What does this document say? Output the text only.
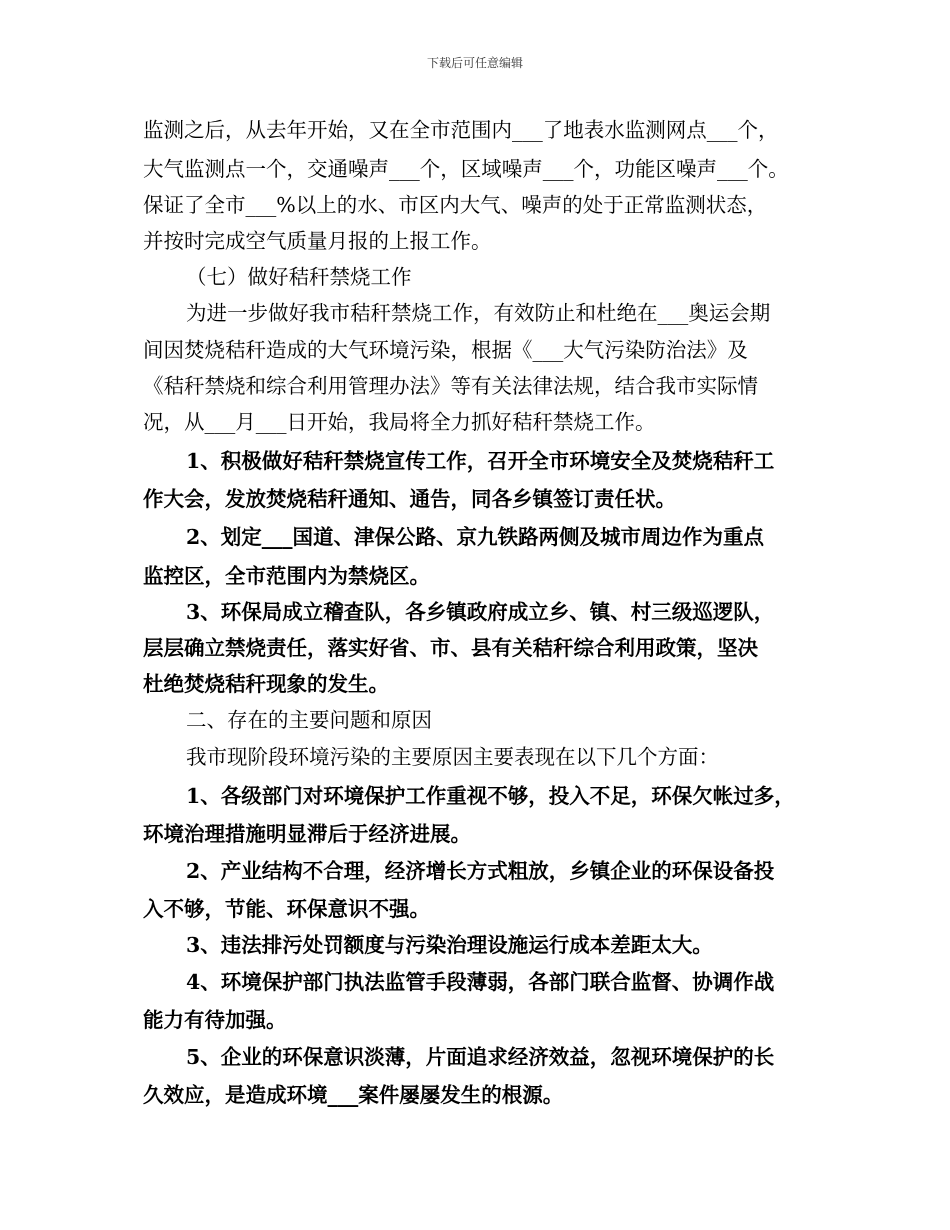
下载后可任意编辑
监测之后，从去年开始，又在全市范围内___了地表水监测网点___个，
大气监测点一个，交通噪声___个，区域噪声___个，功能区噪声___个。
保证了全市___%以上的水、市区内大气、噪声的处于正常监测状态，
并按时完成空气质量月报的上报工作。
（七）做好秸秆禁烧工作
为进一步做好我市秸秆禁烧工作，有效防止和杜绝在___奥运会期
间因焚烧秸秆造成的大气环境污染，根据《___大气污染防治法》及
《秸秆禁烧和综合利用管理办法》等有关法律法规，结合我市实际情
况，从___月___日开始，我局将全力抓好秸秆禁烧工作。
1、积极做好秸秆禁烧宣传工作，召开全市环境安全及焚烧秸秆工
作大会，发放焚烧秸秆通知、通告，同各乡镇签订责任状。
2、划定___国道、津保公路、京九铁路两侧及城市周边作为重点
监控区，全市范围内为禁烧区。
3、环保局成立稽查队，各乡镇政府成立乡、镇、村三级巡逻队，
层层确立禁烧责任，落实好省、市、县有关秸秆综合利用政策，坚决
杜绝焚烧秸秆现象的发生。
二、存在的主要问题和原因
我市现阶段环境污染的主要原因主要表现在以下几个方面：
1、各级部门对环境保护工作重视不够，投入不足，环保欠帐过多，
环境治理措施明显滞后于经济进展。
2、产业结构不合理，经济增长方式粗放，乡镇企业的环保设备投
入不够，节能、环保意识不强。
3、违法排污处罚额度与污染治理设施运行成本差距太大。
4、环境保护部门执法监管手段薄弱，各部门联合监督、协调作战
能力有待加强。
5、企业的环保意识淡薄，片面追求经济效益，忽视环境保护的长
久效应，是造成环境___案件屡屡发生的根源。
